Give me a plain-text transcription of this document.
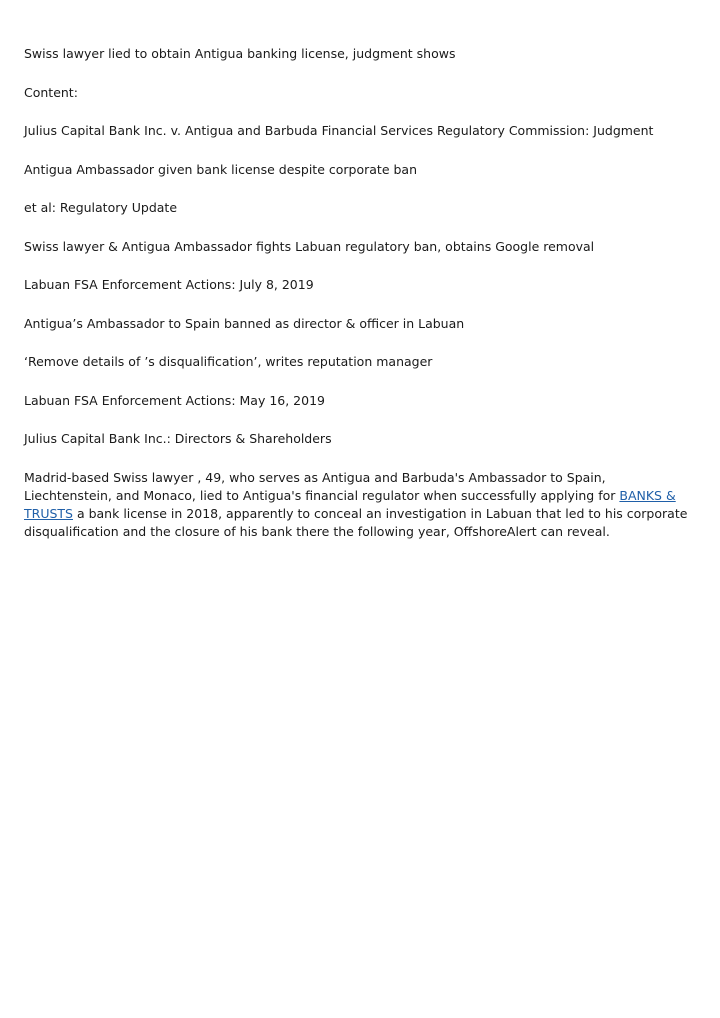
Swiss lawyer lied to obtain Antigua banking license, judgment shows

Content:

Julius Capital Bank Inc. v. Antigua and Barbuda Financial Services Regulatory Commission: Judgment

Antigua Ambassador given bank license despite corporate ban

et al: Regulatory Update

Swiss lawyer & Antigua Ambassador fights Labuan regulatory ban, obtains Google removal

Labuan FSA Enforcement Actions: July 8, 2019

Antigua’s Ambassador to Spain banned as director & officer in Labuan

‘Remove details of ’s disqualification’, writes reputation manager

Labuan FSA Enforcement Actions: May 16, 2019

Julius Capital Bank Inc.: Directors & Shareholders

Madrid-based Swiss lawyer , 49, who serves as Antigua and Barbuda's Ambassador to Spain, Liechtenstein, and Monaco, lied to Antigua's financial regulator when successfully applying for BANKS & TRUSTS a bank license in 2018, apparently to conceal an investigation in Labuan that led to his corporate disqualification and the closure of his bank there the following year, OffshoreAlert can reveal.
